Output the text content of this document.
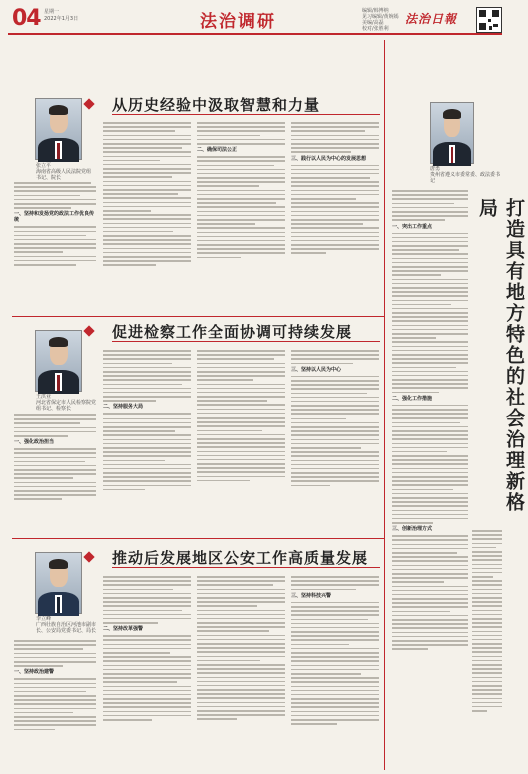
04 星期一
2022年1月3日	法治调研
编辑/韩博纳
见习编辑/黄婉嫣
美编/高磊
校对/张胜利
法治日報
从历史经验中汲取智慧和力量
张立平
海南省高级人民法院党组书记、院长
一、坚持和发扬党的政法工作优良传统
二、确保司法公正
三、践行以人民为中心的发展思想
促进检察工作全面协调可持续发展
王洪业
河北省保定市人民检察院党组书记、检察长
一、强化政治担当
二、坚持服务大局
三、坚持以人民为中心
推动后发展地区公安工作高质量发展
李立峰
广西壮族自治区河池市副市长、公安局党委书记、局长
一、坚持政治建警
二、坚持改革强警
三、坚持科技兴警
唐勇
贵州省遵义市委常委、政法委书记
打造具有地方特色的社会治理新格局
一、突出工作重点
二、强化工作措施
三、创新治理方式
